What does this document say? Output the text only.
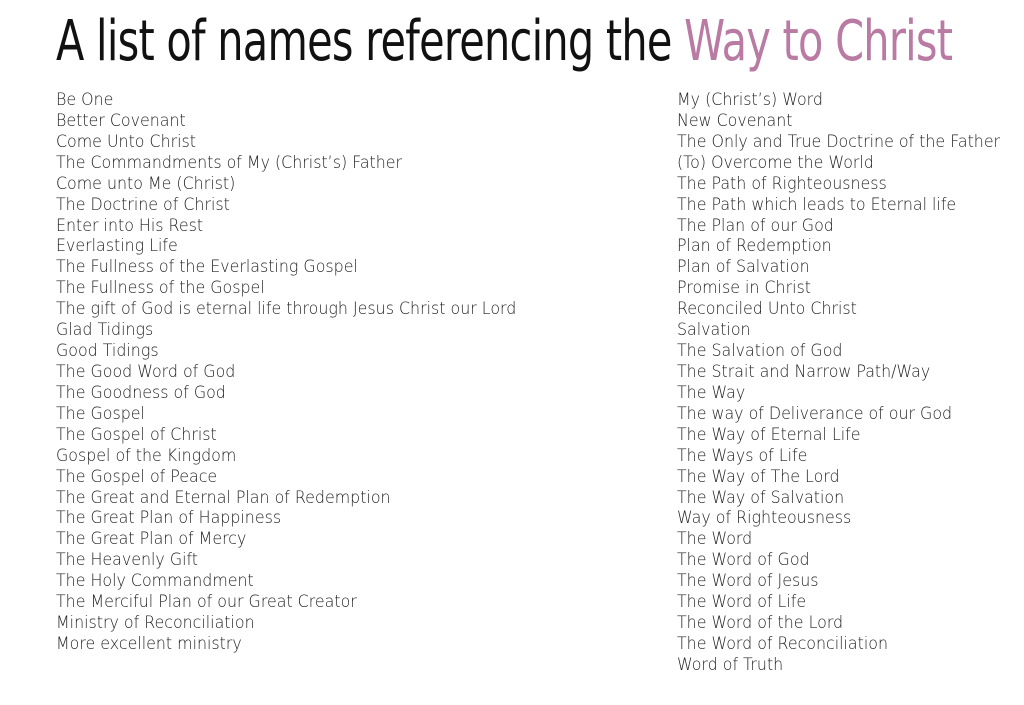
A list of names referencing the Way to Christ
Be One
Better Covenant
Come Unto Christ
The Commandments of My (Christ’s) Father
Come unto Me (Christ)
The Doctrine of Christ
Enter into His Rest
Everlasting Life
The Fullness of the Everlasting Gospel
The Fullness of the Gospel
The gift of God is eternal life through Jesus Christ our Lord
Glad Tidings
Good Tidings
The Good Word of God
The Goodness of God
The Gospel
The Gospel of Christ
Gospel of the Kingdom
The Gospel of Peace
The Great and Eternal Plan of Redemption
The Great Plan of Happiness
The Great Plan of Mercy
The Heavenly Gift
The Holy Commandment
The Merciful Plan of our Great Creator
Ministry of Reconciliation
More excellent ministry
My (Christ’s) Word
New Covenant
The Only and True Doctrine of the Father
(To) Overcome the World
The Path of Righteousness
The Path which leads to Eternal life
The Plan of our God
Plan of Redemption
Plan of Salvation
Promise in Christ
Reconciled Unto Christ
Salvation
The Salvation of God
The Strait and Narrow Path/Way
The Way
The way of Deliverance of our God
The Way of Eternal Life
The Ways of Life
The Way of The Lord
The Way of Salvation
Way of Righteousness
The Word
The Word of God
The Word of Jesus
The Word of Life
The Word of the Lord
The Word of Reconciliation
Word of Truth
